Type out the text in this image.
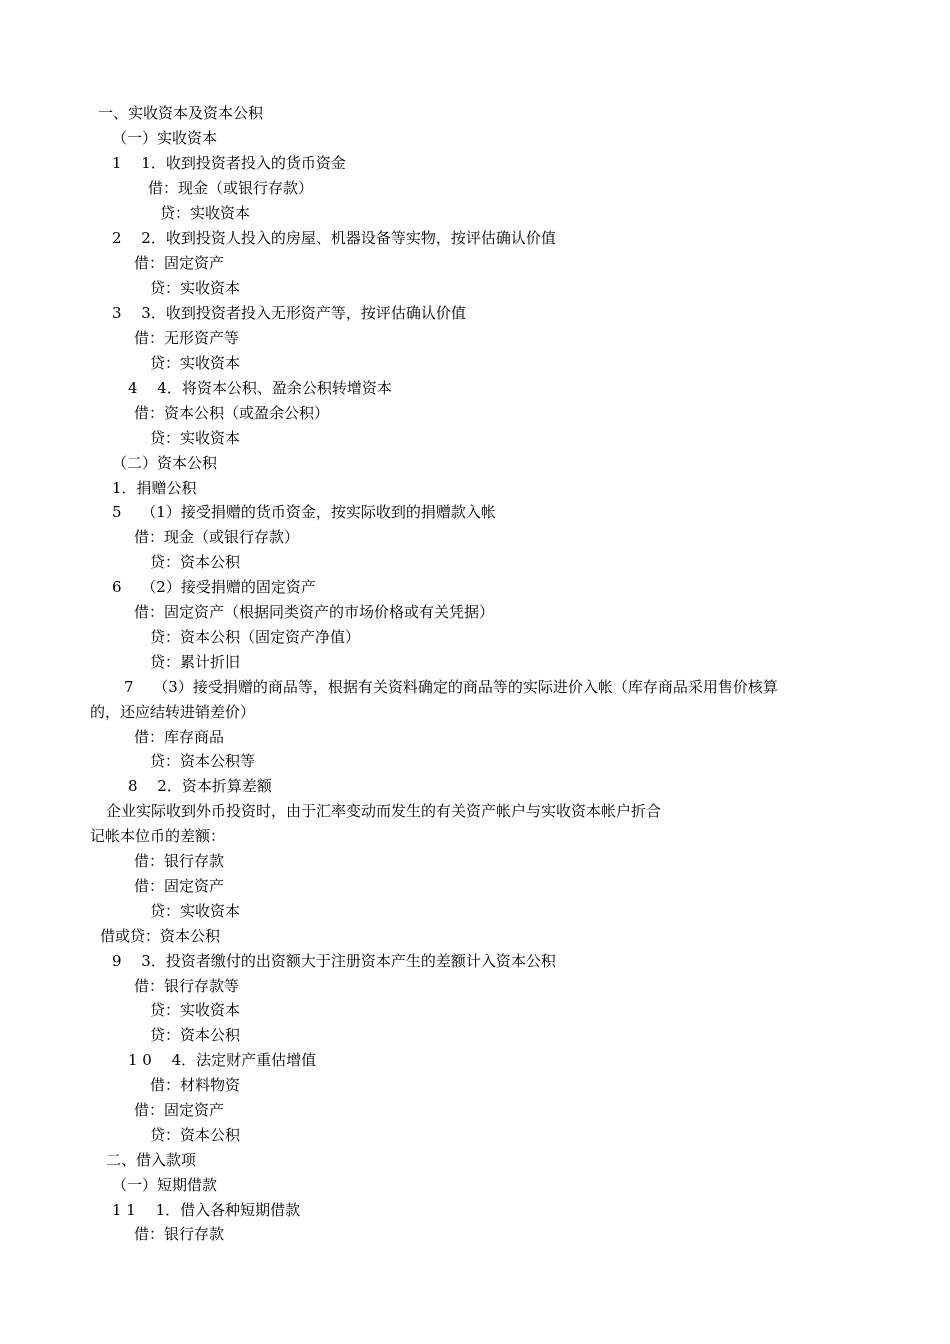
一、实收资本及资本公积
（一）实收资本
1　 1．收到投资者投入的货币资金
借：现金（或银行存款）
贷：实收资本
2　 2．收到投资人投入的房屋、机器设备等实物，按评估确认价值
借：固定资产
贷：实收资本
3　 3．收到投资者投入无形资产等，按评估确认价值
借：无形资产等
贷：实收资本
4　 4．将资本公积、盈余公积转增资本
借：资本公积（或盈余公积）
贷：实收资本
（二）资本公积
1．捐赠公积
5　 （1）接受捐赠的货币资金，按实际收到的捐赠款入帐
借：现金（或银行存款）
贷：资本公积
6　 （2）接受捐赠的固定资产
借：固定资产（根据同类资产的市场价格或有关凭据）
贷：资本公积（固定资产净值）
贷：累计折旧
7　 （3）接受捐赠的商品等，根据有关资料确定的商品等的实际进价入帐（库存商品采用售价核算
的，还应结转进销差价）
借：库存商品
贷：资本公积等
8　 2．资本折算差额
企业实际收到外币投资时，由于汇率变动而发生的有关资产帐户与实收资本帐户折合
记帐本位币的差额：
借：银行存款
借：固定资产
贷：实收资本
借或贷：资本公积
9　 3．投资者缴付的出资额大于注册资本产生的差额计入资本公积
借：银行存款等
贷：实收资本
贷：资本公积
1 0　 4．法定财产重估增值
借：材料物资
借：固定资产
贷：资本公积
二、借入款项
（一）短期借款
1 1　 1．借入各种短期借款
借：银行存款
